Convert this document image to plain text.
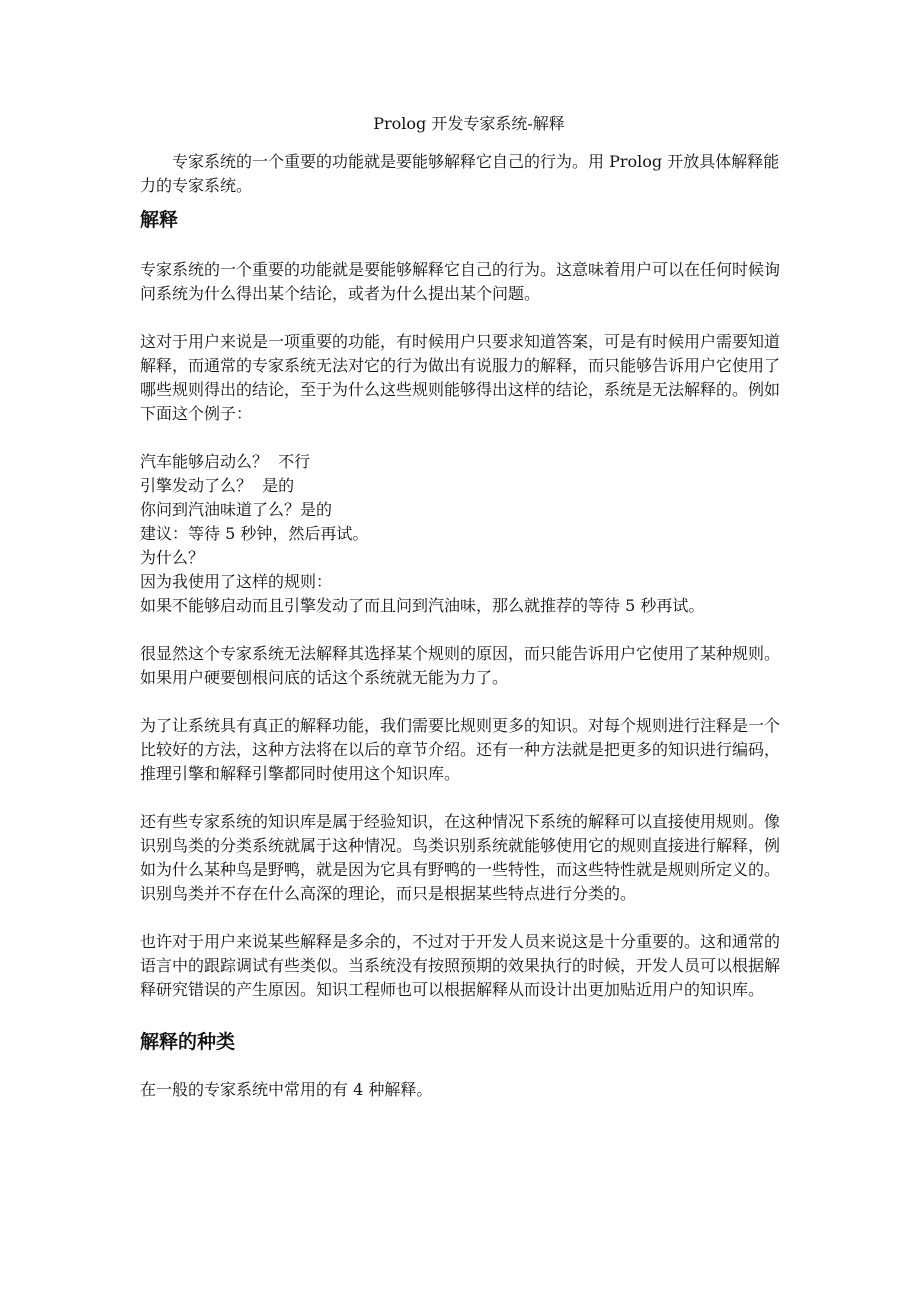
Prolog 开发专家系统-解释

专家系统的一个重要的功能就是要能够解释它自己的行为。用 Prolog 开放具体解释能力的专家系统。

解释

专家系统的一个重要的功能就是要能够解释它自己的行为。这意味着用户可以在任何时候询问系统为什么得出某个结论，或者为什么提出某个问题。

这对于用户来说是一项重要的功能，有时候用户只要求知道答案，可是有时候用户需要知道解释，而通常的专家系统无法对它的行为做出有说服力的解释，而只能够告诉用户它使用了哪些规则得出的结论，至于为什么这些规则能够得出这样的结论，系统是无法解释的。例如下面这个例子：

汽车能够启动么？  不行
引擎发动了么？  是的
你问到汽油味道了么？是的
建议：等待 5 秒钟，然后再试。
为什么？
因为我使用了这样的规则：
如果不能够启动而且引擎发动了而且问到汽油味，那么就推荐的等待 5 秒再试。

很显然这个专家系统无法解释其选择某个规则的原因，而只能告诉用户它使用了某种规则。如果用户硬要刨根问底的话这个系统就无能为力了。

为了让系统具有真正的解释功能，我们需要比规则更多的知识。对每个规则进行注释是一个比较好的方法，这种方法将在以后的章节介绍。还有一种方法就是把更多的知识进行编码，推理引擎和解释引擎都同时使用这个知识库。

还有些专家系统的知识库是属于经验知识，在这种情况下系统的解释可以直接使用规则。像识别鸟类的分类系统就属于这种情况。鸟类识别系统就能够使用它的规则直接进行解释，例如为什么某种鸟是野鸭，就是因为它具有野鸭的一些特性，而这些特性就是规则所定义的。识别鸟类并不存在什么高深的理论，而只是根据某些特点进行分类的。

也许对于用户来说某些解释是多余的，不过对于开发人员来说这是十分重要的。这和通常的语言中的跟踪调试有些类似。当系统没有按照预期的效果执行的时候，开发人员可以根据解释研究错误的产生原因。知识工程师也可以根据解释从而设计出更加贴近用户的知识库。

解释的种类

在一般的专家系统中常用的有 4 种解释。
